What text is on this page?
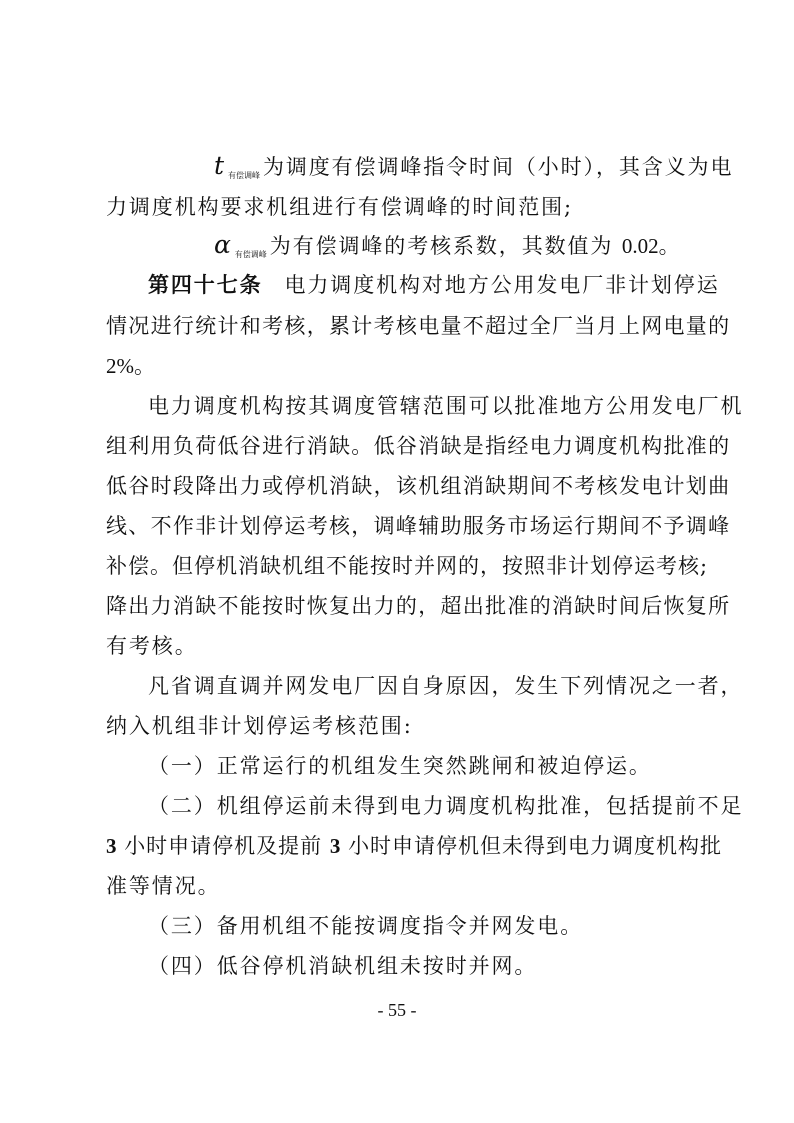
t $_{有偿调峰}$ 为调度有偿调峰指令时间（小时），其含义为电
力调度机构要求机组进行有偿调峰的时间范围;
α $_{有偿调峰}$ 为有偿调峰的考核系数，其数值为 0.02。
第四十七条 电力调度机构对地方公用发电厂非计划停运
情况进行统计和考核，累计考核电量不超过全厂当月上网电量的
2%。
电力调度机构按其调度管辖范围可以批准地方公用发电厂机
组利用负荷低谷进行消缺。低谷消缺是指经电力调度机构批准的
低谷时段降出力或停机消缺，该机组消缺期间不考核发电计划曲
线、不作非计划停运考核，调峰辅助服务市场运行期间不予调峰
补偿。但停机消缺机组不能按时并网的，按照非计划停运考核;
降出力消缺不能按时恢复出力的，超出批准的消缺时间后恢复所
有考核。
凡省调直调并网发电厂因自身原因，发生下列情况之一者，
纳入机组非计划停运考核范围:
（一）正常运行的机组发生突然跳闸和被迫停运。
（二）机组停运前未得到电力调度机构批准，包括提前不足
3 小时申请停机及提前 3 小时申请停机但未得到电力调度机构批
准等情况。
（三）备用机组不能按调度指令并网发电。
（四）低谷停机消缺机组未按时并网。
- 55 -
